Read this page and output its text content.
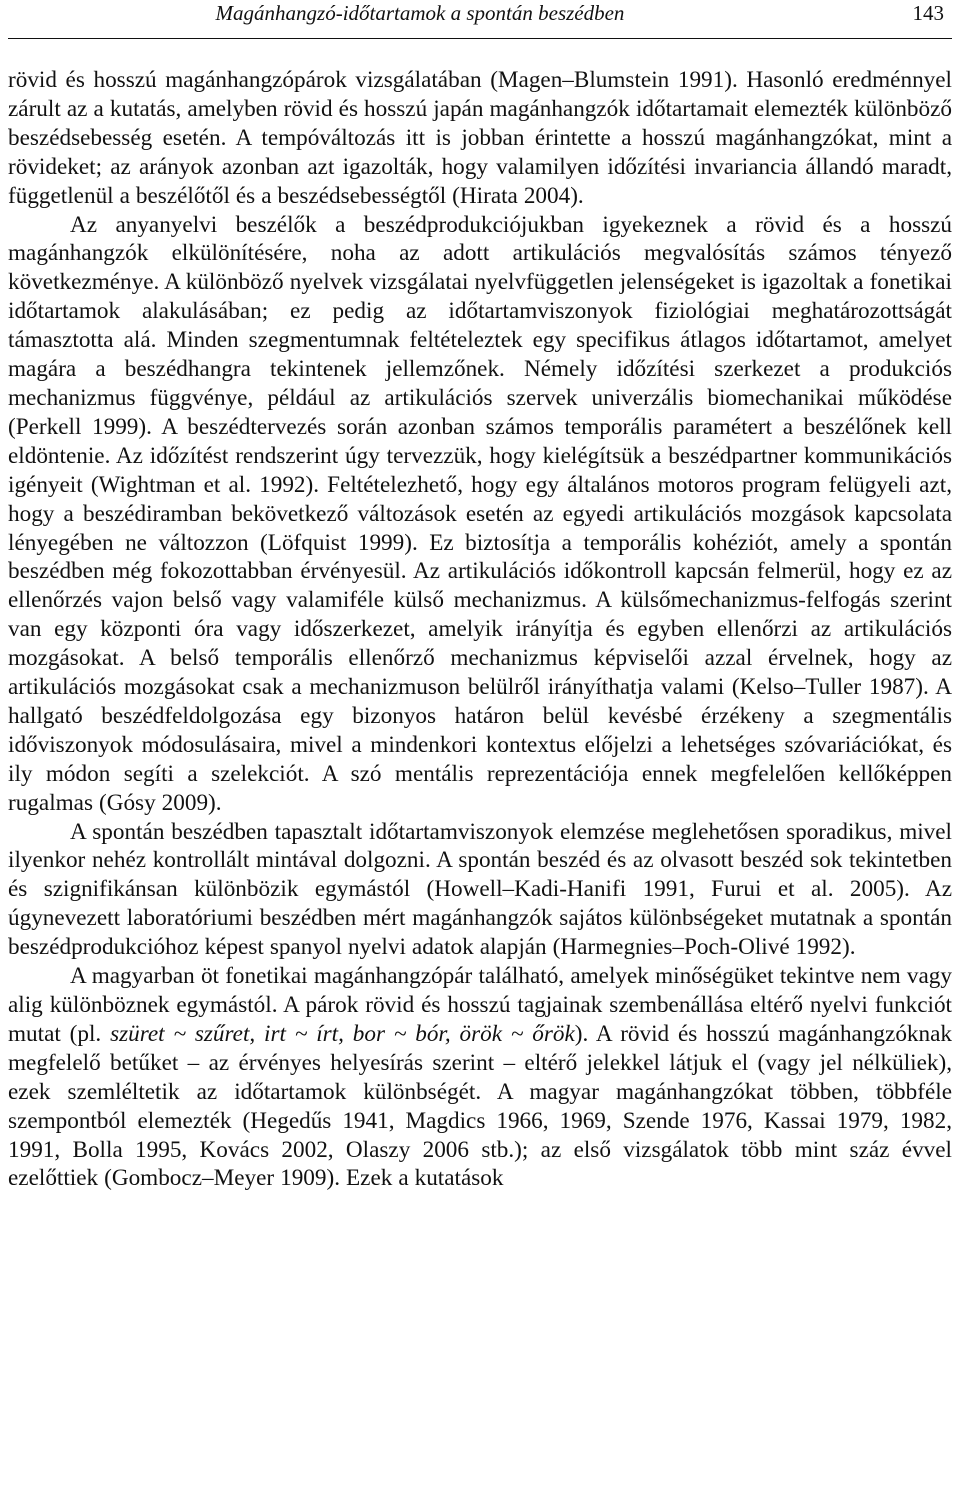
Magánhangzó-időtartamok a spontán beszédben	143

rövid és hosszú magánhangzópárok vizsgálatában (Magen–Blumstein 1991). Hasonló eredménnyel zárult az a kutatás, amelyben rövid és hosszú japán magánhangzók időtartamait elemezték különböző beszédsebesség esetén. A tempóváltozás itt is jobban érintette a hosszú magánhangzókat, mint a rövideket; az arányok azonban azt igazolták, hogy valamilyen időzítési invariancia állandó maradt, függetlenül a beszélőtől és a beszédsebességtől (Hirata 2004).

Az anyanyelvi beszélők a beszédprodukciójukban igyekeznek a rövid és a hosszú magánhangzók elkülönítésére, noha az adott artikulációs megvalósítás számos tényező következménye. A különböző nyelvek vizsgálatai nyelvfüggetlen jelenségeket is igazoltak a fonetikai időtartamok alakulásában; ez pedig az időtartamviszonyok fiziológiai meghatározottságát támasztotta alá. Minden szegmentumnak feltételeztek egy specifikus átlagos időtartamot, amelyet magára a beszédhangra tekintenek jellemzőnek. Némely időzítési szerkezet a produkciós mechanizmus függvénye, például az artikulációs szervek univerzális biomechanikai működése (Perkell 1999). A beszédtervezés során azonban számos temporális paramétert a beszélőnek kell eldöntenie. Az időzítést rendszerint úgy tervezzük, hogy kielégítsük a beszédpartner kommunikációs igényeit (Wightman et al. 1992). Feltételezhető, hogy egy általános motoros program felügyeli azt, hogy a beszédiramban bekövetkező változások esetén az egyedi artikulációs mozgások kapcsolata lényegében ne változzon (Löfquist 1999). Ez biztosítja a temporális kohéziót, amely a spontán beszédben még fokozottabban érvényesül. Az artikulációs időkontroll kapcsán felmerül, hogy ez az ellenőrzés vajon belső vagy valamiféle külső mechanizmus. A külsőmechanizmus-felfogás szerint van egy központi óra vagy időszerkezet, amelyik irányítja és egyben ellenőrzi az artikulációs mozgásokat. A belső temporális ellenőrző mechanizmus képviselői azzal érvelnek, hogy az artikulációs mozgásokat csak a mechanizmuson belülről irányíthatja valami (Kelso–Tuller 1987). A hallgató beszédfeldolgozása egy bizonyos határon belül kevésbé érzékeny a szegmentális időviszonyok módosulásaira, mivel a mindenkori kontextus előjelzi a lehetséges szóvariációkat, és ily módon segíti a szelekciót. A szó mentális reprezentációja ennek megfelelően kellőképpen rugalmas (Gósy 2009).

A spontán beszédben tapasztalt időtartamviszonyok elemzése meglehetősen sporadikus, mivel ilyenkor nehéz kontrollált mintával dolgozni. A spontán beszéd és az olvasott beszéd sok tekintetben és szignifikánsan különbözik egymástól (Howell–Kadi-Hanifi 1991, Furui et al. 2005). Az úgynevezett laboratóriumi beszédben mért magánhangzók sajátos különbségeket mutatnak a spontán beszédprodukcióhoz képest spanyol nyelvi adatok alapján (Harmegnies–Poch-Olivé 1992).

A magyarban öt fonetikai magánhangzópár található, amelyek minőségüket tekintve nem vagy alig különböznek egymástól. A párok rövid és hosszú tagjainak szembenállása eltérő nyelvi funkciót mutat (pl. szüret ~ szűret, irt ~ írt, bor ~ bór, örök ~ őrök). A rövid és hosszú magánhangzóknak megfelelő betűket – az érvényes helyesírás szerint – eltérő jelekkel látjuk el (vagy jel nélküliek), ezek szemléltetik az időtartamok különbségét. A magyar magánhangzókat többen, többféle szempontból elemezték (Hegedűs 1941, Magdics 1966, 1969, Szende 1976, Kassai 1979, 1982, 1991, Bolla 1995, Kovács 2002, Olaszy 2006 stb.); az első vizsgálatok több mint száz évvel ezelőttiek (Gombocz–Meyer 1909). Ezek a kutatások
